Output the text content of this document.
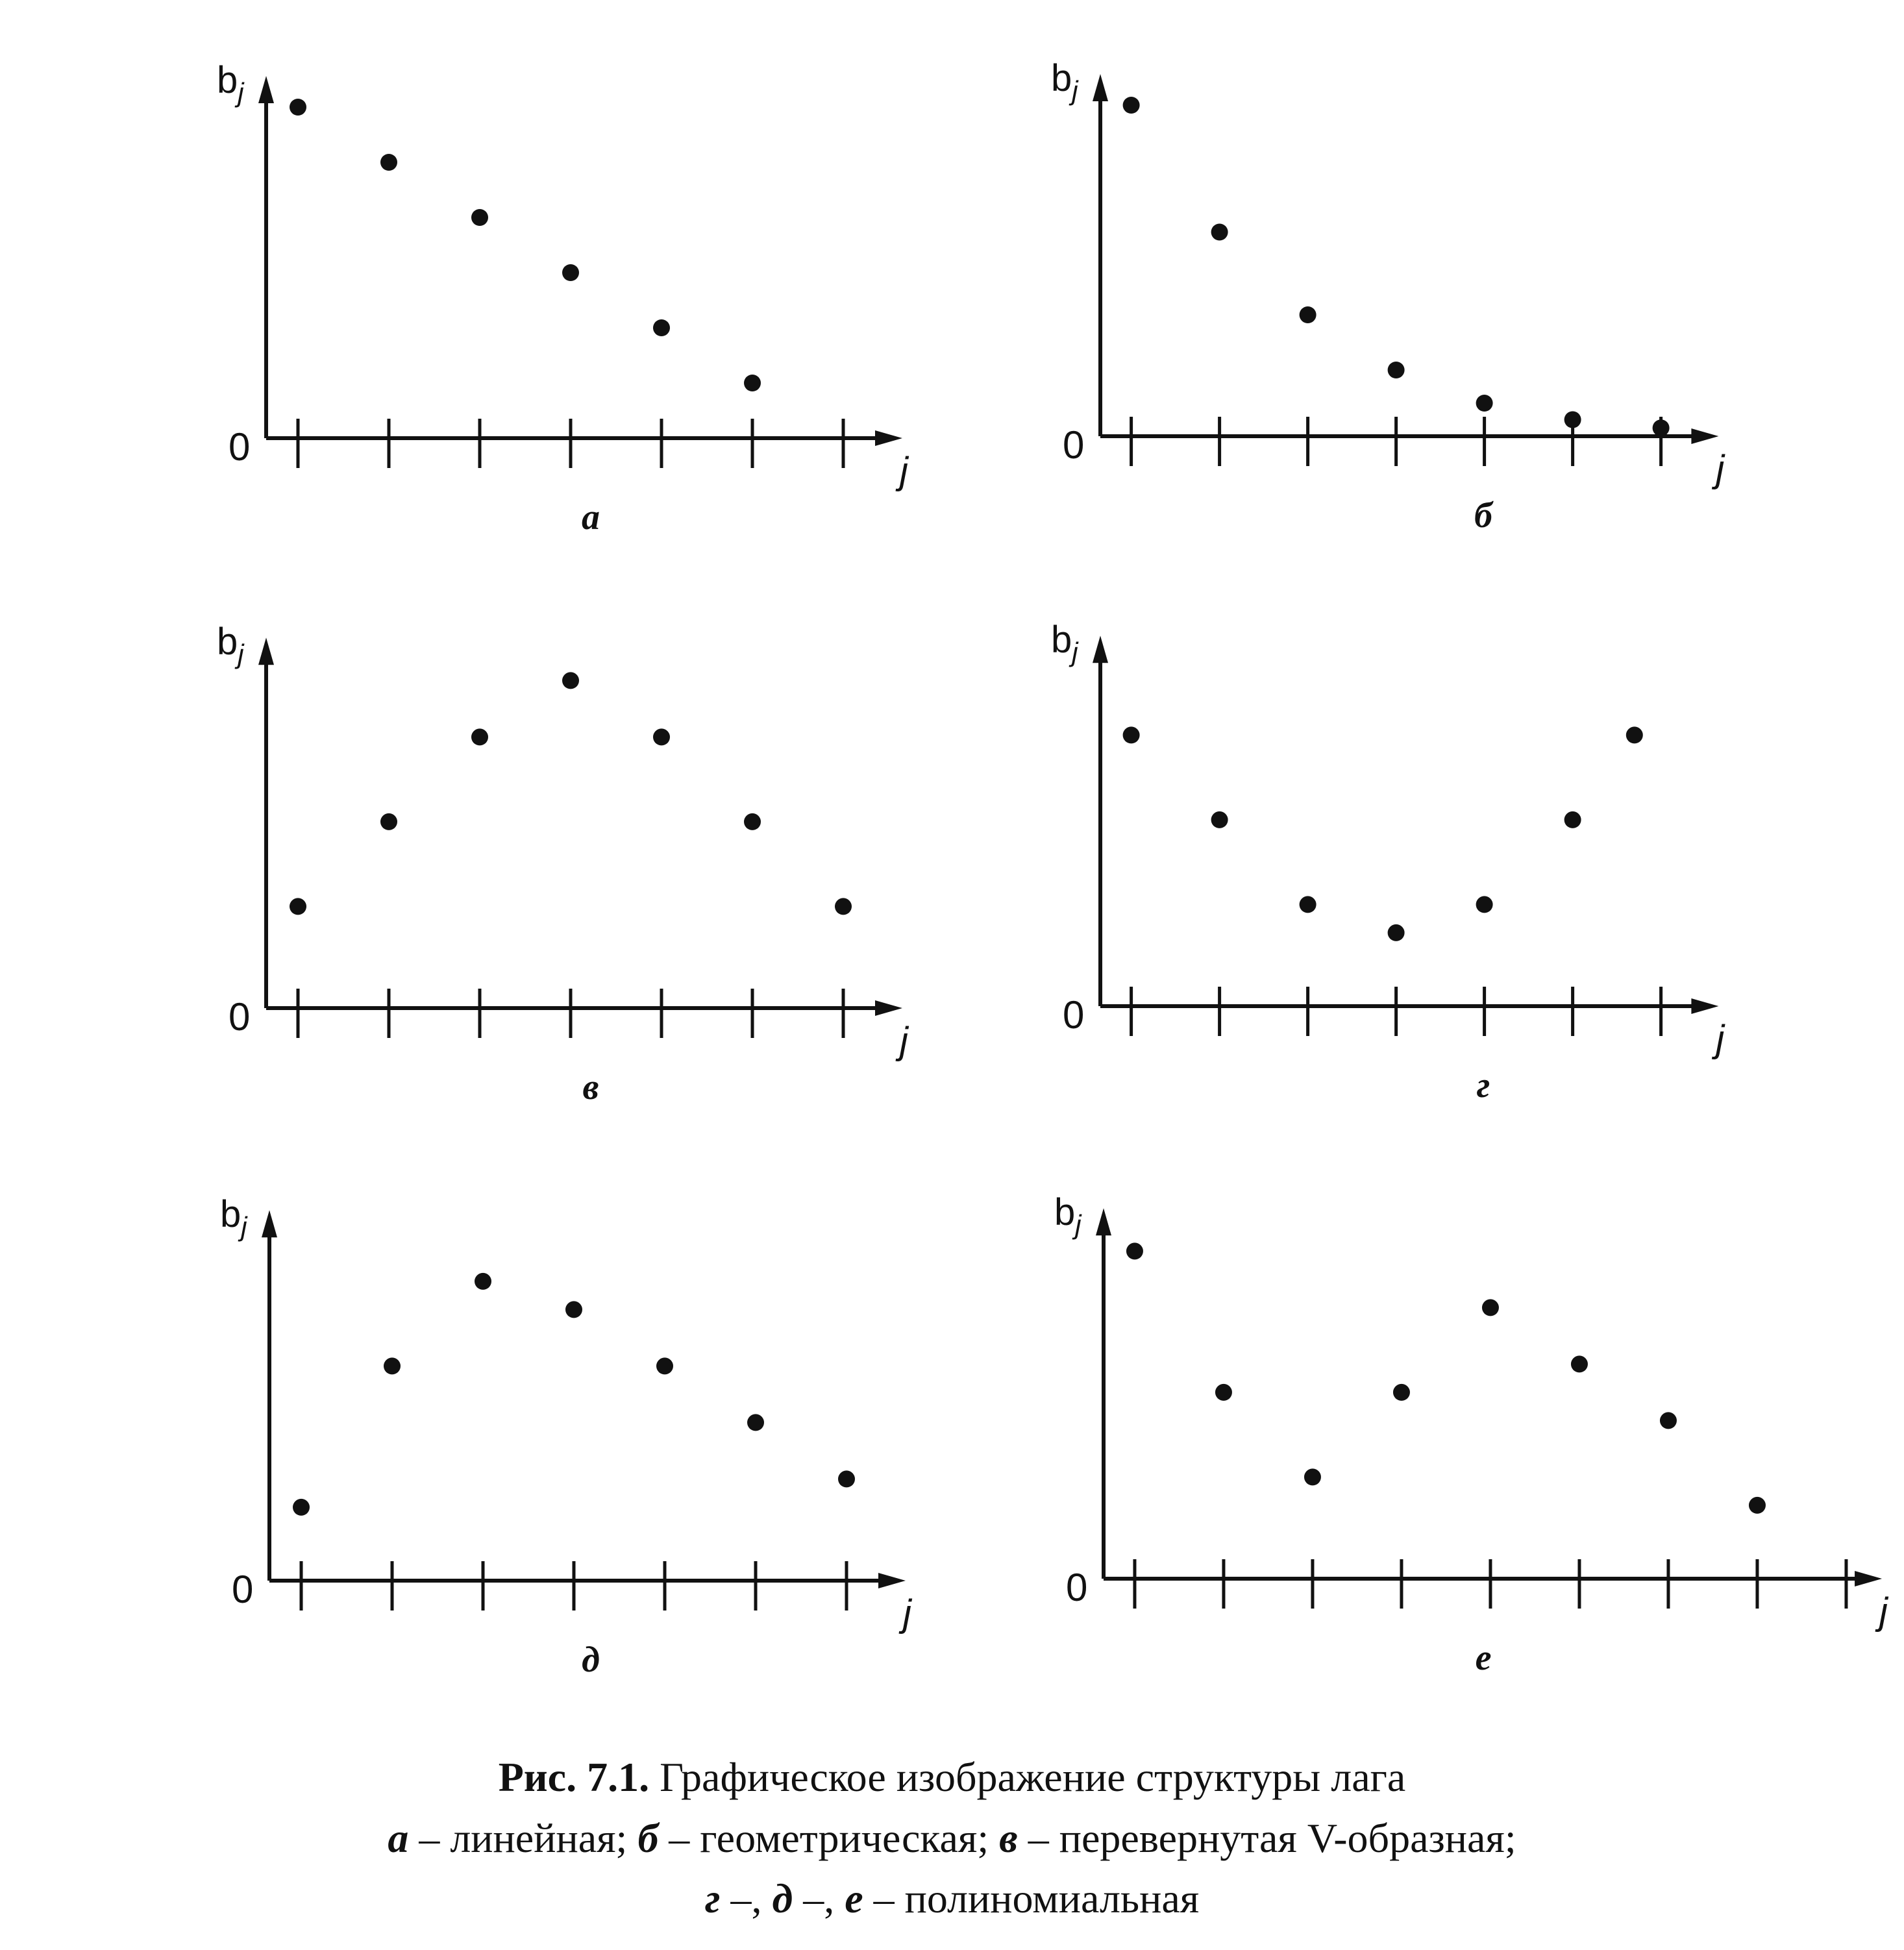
0
$b_j$
j
а
0
$b_j$
j
б
0
$b_j$
j
в
0
$b_j$
j
г
0
$b_j$
j
д
0
$b_j$
j
е
Рис. 7.1. Графическое изображение структуры лага
а – линейная; б – геометрическая; в – перевернутая V-образная;
г –, д –, е – полиномиальная
